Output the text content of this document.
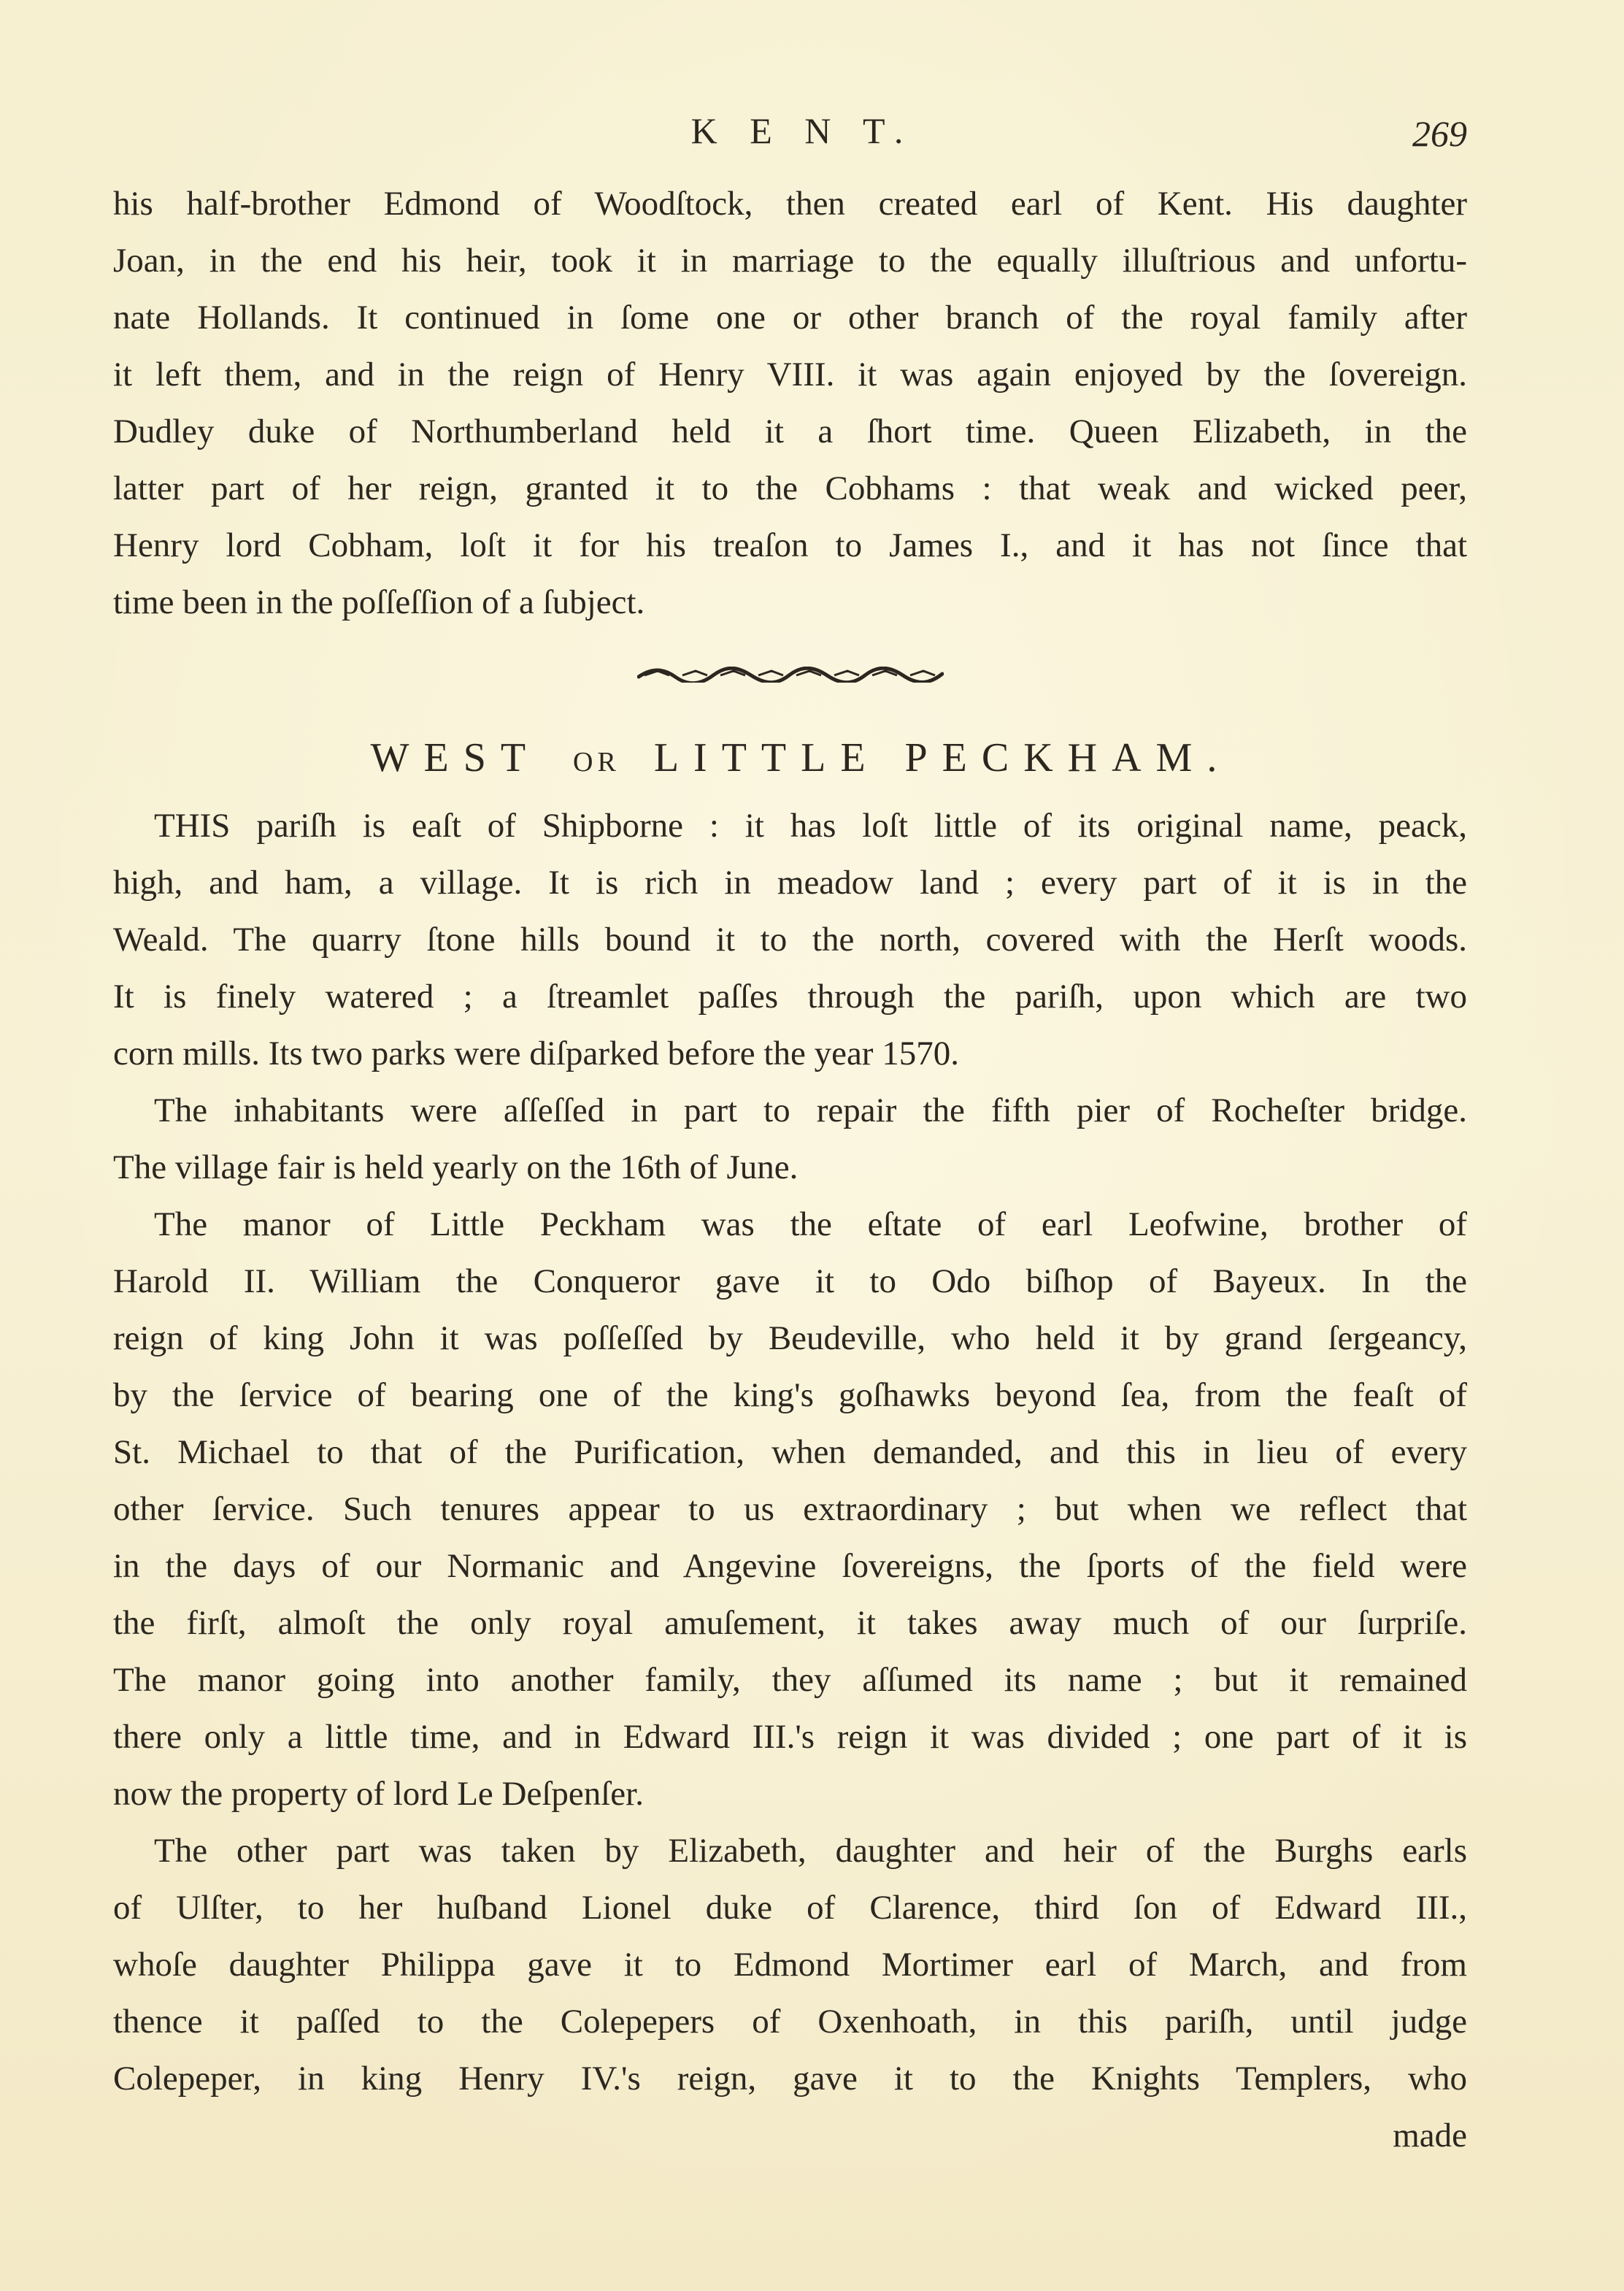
K E N T.	269
his half-brother Edmond of Woodſtock, then created earl of Kent. His daughter
Joan, in the end his heir, took it in marriage to the equally illuſtrious and unfortu-
nate Hollands. It continued in ſome one or other branch of the royal family after
it left them, and in the reign of Henry VIII. it was again enjoyed by the ſovereign.
Dudley duke of Northumberland held it a ſhort time. Queen Elizabeth, in the
latter part of her reign, granted it to the Cobhams : that weak and wicked peer,
Henry lord Cobham, loſt it for his treaſon to James I., and it has not ſince that
time been in the poſſeſſion of a ſubject.
WEST OR LITTLE PECKHAM.
THIS pariſh is eaſt of Shipborne : it has loſt little of its original name, peack,
high, and ham, a village. It is rich in meadow land ; every part of it is in the
Weald. The quarry ſtone hills bound it to the north, covered with the Herſt woods.
It is finely watered ; a ſtreamlet paſſes through the pariſh, upon which are two
corn mills. Its two parks were diſparked before the year 1570.
The inhabitants were aſſeſſed in part to repair the fifth pier of Rocheſter bridge.
The village fair is held yearly on the 16th of June.
The manor of Little Peckham was the eſtate of earl Leofwine, brother of
Harold II. William the Conqueror gave it to Odo biſhop of Bayeux. In the
reign of king John it was poſſeſſed by Beudeville, who held it by grand ſergeancy,
by the ſervice of bearing one of the king's goſhawks beyond ſea, from the feaſt of
St. Michael to that of the Purification, when demanded, and this in lieu of every
other ſervice. Such tenures appear to us extraordinary ; but when we reflect that
in the days of our Normanic and Angevine ſovereigns, the ſports of the field were
the firſt, almoſt the only royal amuſement, it takes away much of our ſurpriſe.
The manor going into another family, they aſſumed its name ; but it remained
there only a little time, and in Edward III.'s reign it was divided ; one part of it is
now the property of lord Le Deſpenſer.
The other part was taken by Elizabeth, daughter and heir of the Burghs earls
of Ulſter, to her huſband Lionel duke of Clarence, third ſon of Edward III.,
whoſe daughter Philippa gave it to Edmond Mortimer earl of March, and from
thence it paſſed to the Colepepers of Oxenhoath, in this pariſh, until judge
Colepeper, in king Henry IV.'s reign, gave it to the Knights Templers, who
made
